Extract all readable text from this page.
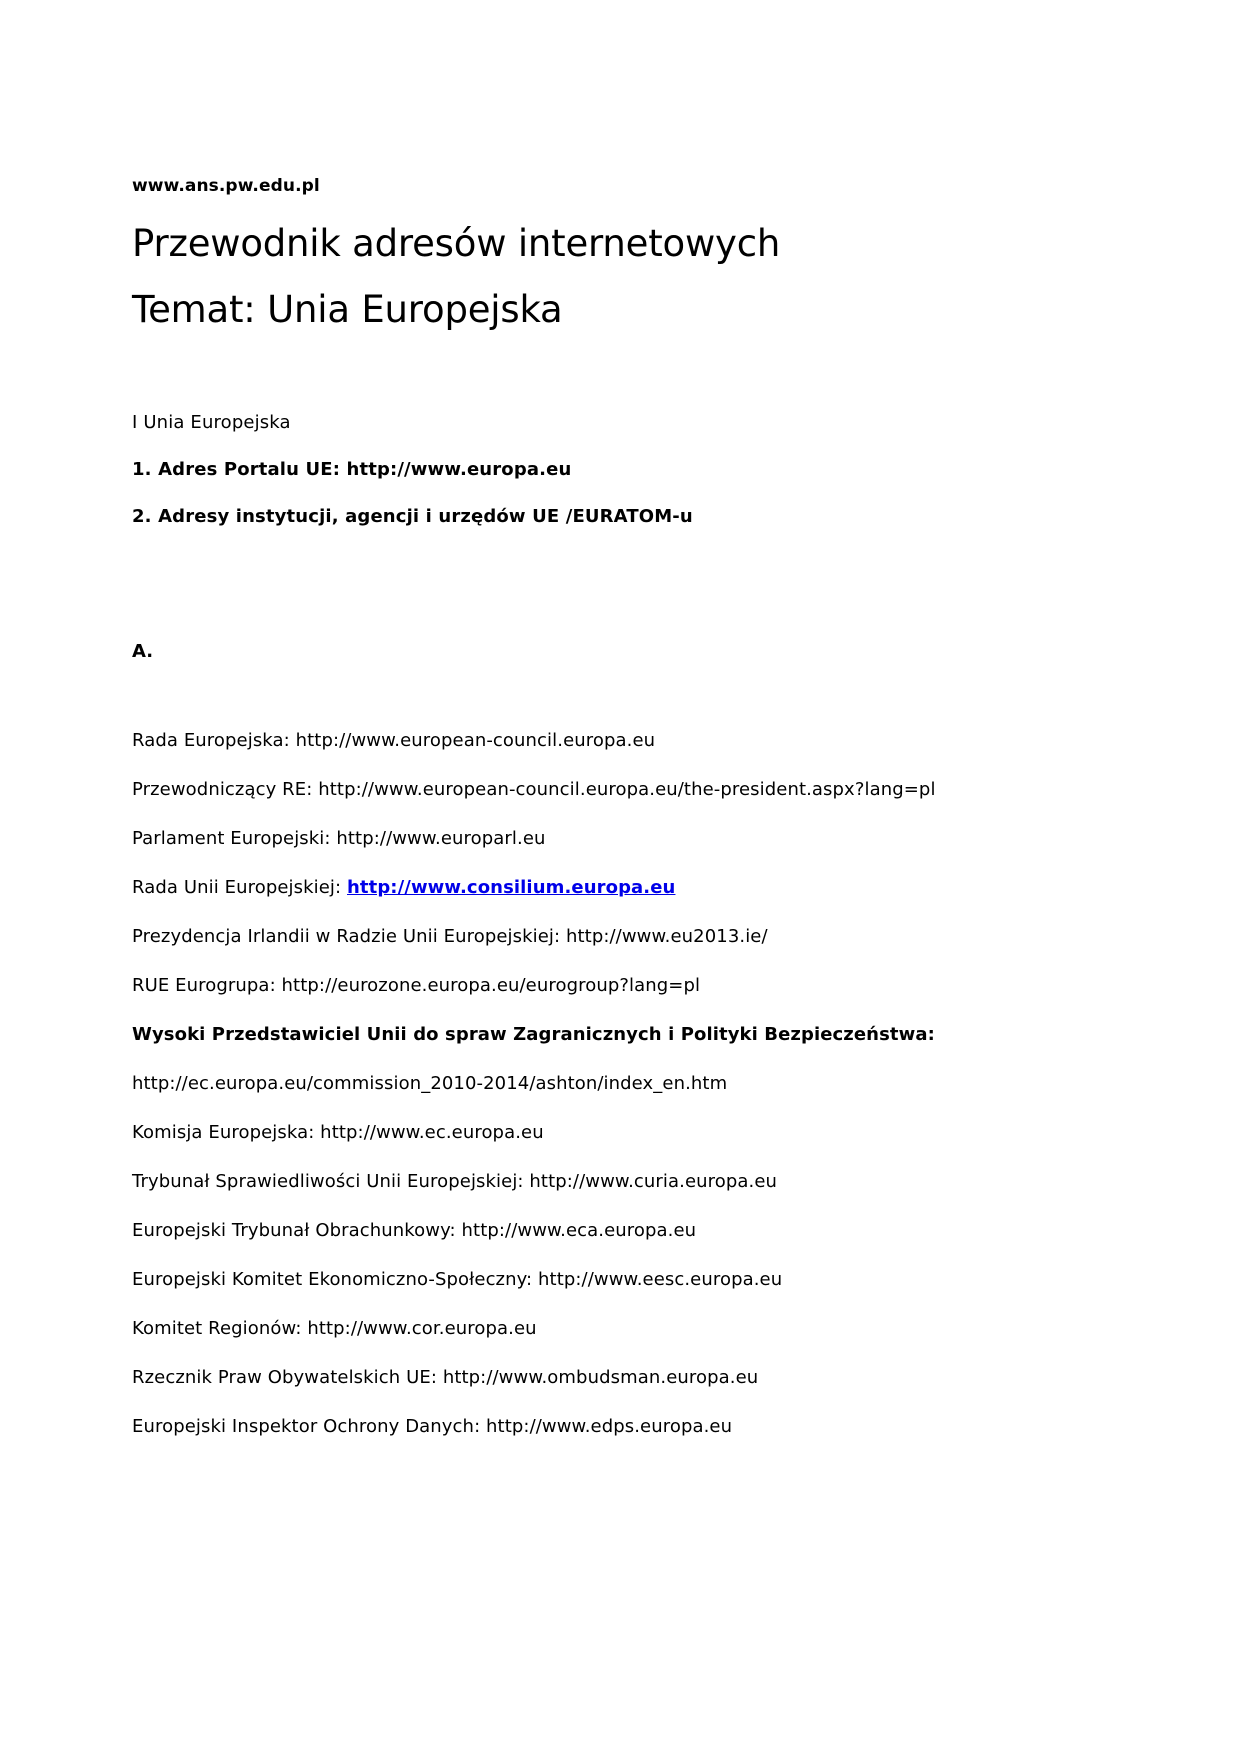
www.ans.pw.edu.pl

Przewodnik adresów internetowych
Temat: Unia Europejska

I Unia Europejska

1. Adres Portalu UE: http://www.europa.eu

2. Adresy instytucji, agencji i urzędów UE /EURATOM-u

A.

Rada Europejska: http://www.european-council.europa.eu

Przewodniczący RE: http://www.european-council.europa.eu/the-president.aspx?lang=pl

Parlament Europejski: http://www.europarl.eu

Rada Unii Europejskiej: http://www.consilium.europa.eu

Prezydencja Irlandii w Radzie Unii Europejskiej: http://www.eu2013.ie/

RUE Eurogrupa: http://eurozone.europa.eu/eurogroup?lang=pl

Wysoki Przedstawiciel Unii do spraw Zagranicznych i Polityki Bezpieczeństwa:

http://ec.europa.eu/commission_2010-2014/ashton/index_en.htm

Komisja Europejska: http://www.ec.europa.eu

Trybunał Sprawiedliwości Unii Europejskiej: http://www.curia.europa.eu

Europejski Trybunał Obrachunkowy: http://www.eca.europa.eu

Europejski Komitet Ekonomiczno-Społeczny: http://www.eesc.europa.eu

Komitet Regionów: http://www.cor.europa.eu

Rzecznik Praw Obywatelskich UE: http://www.ombudsman.europa.eu

Europejski Inspektor Ochrony Danych: http://www.edps.europa.eu
